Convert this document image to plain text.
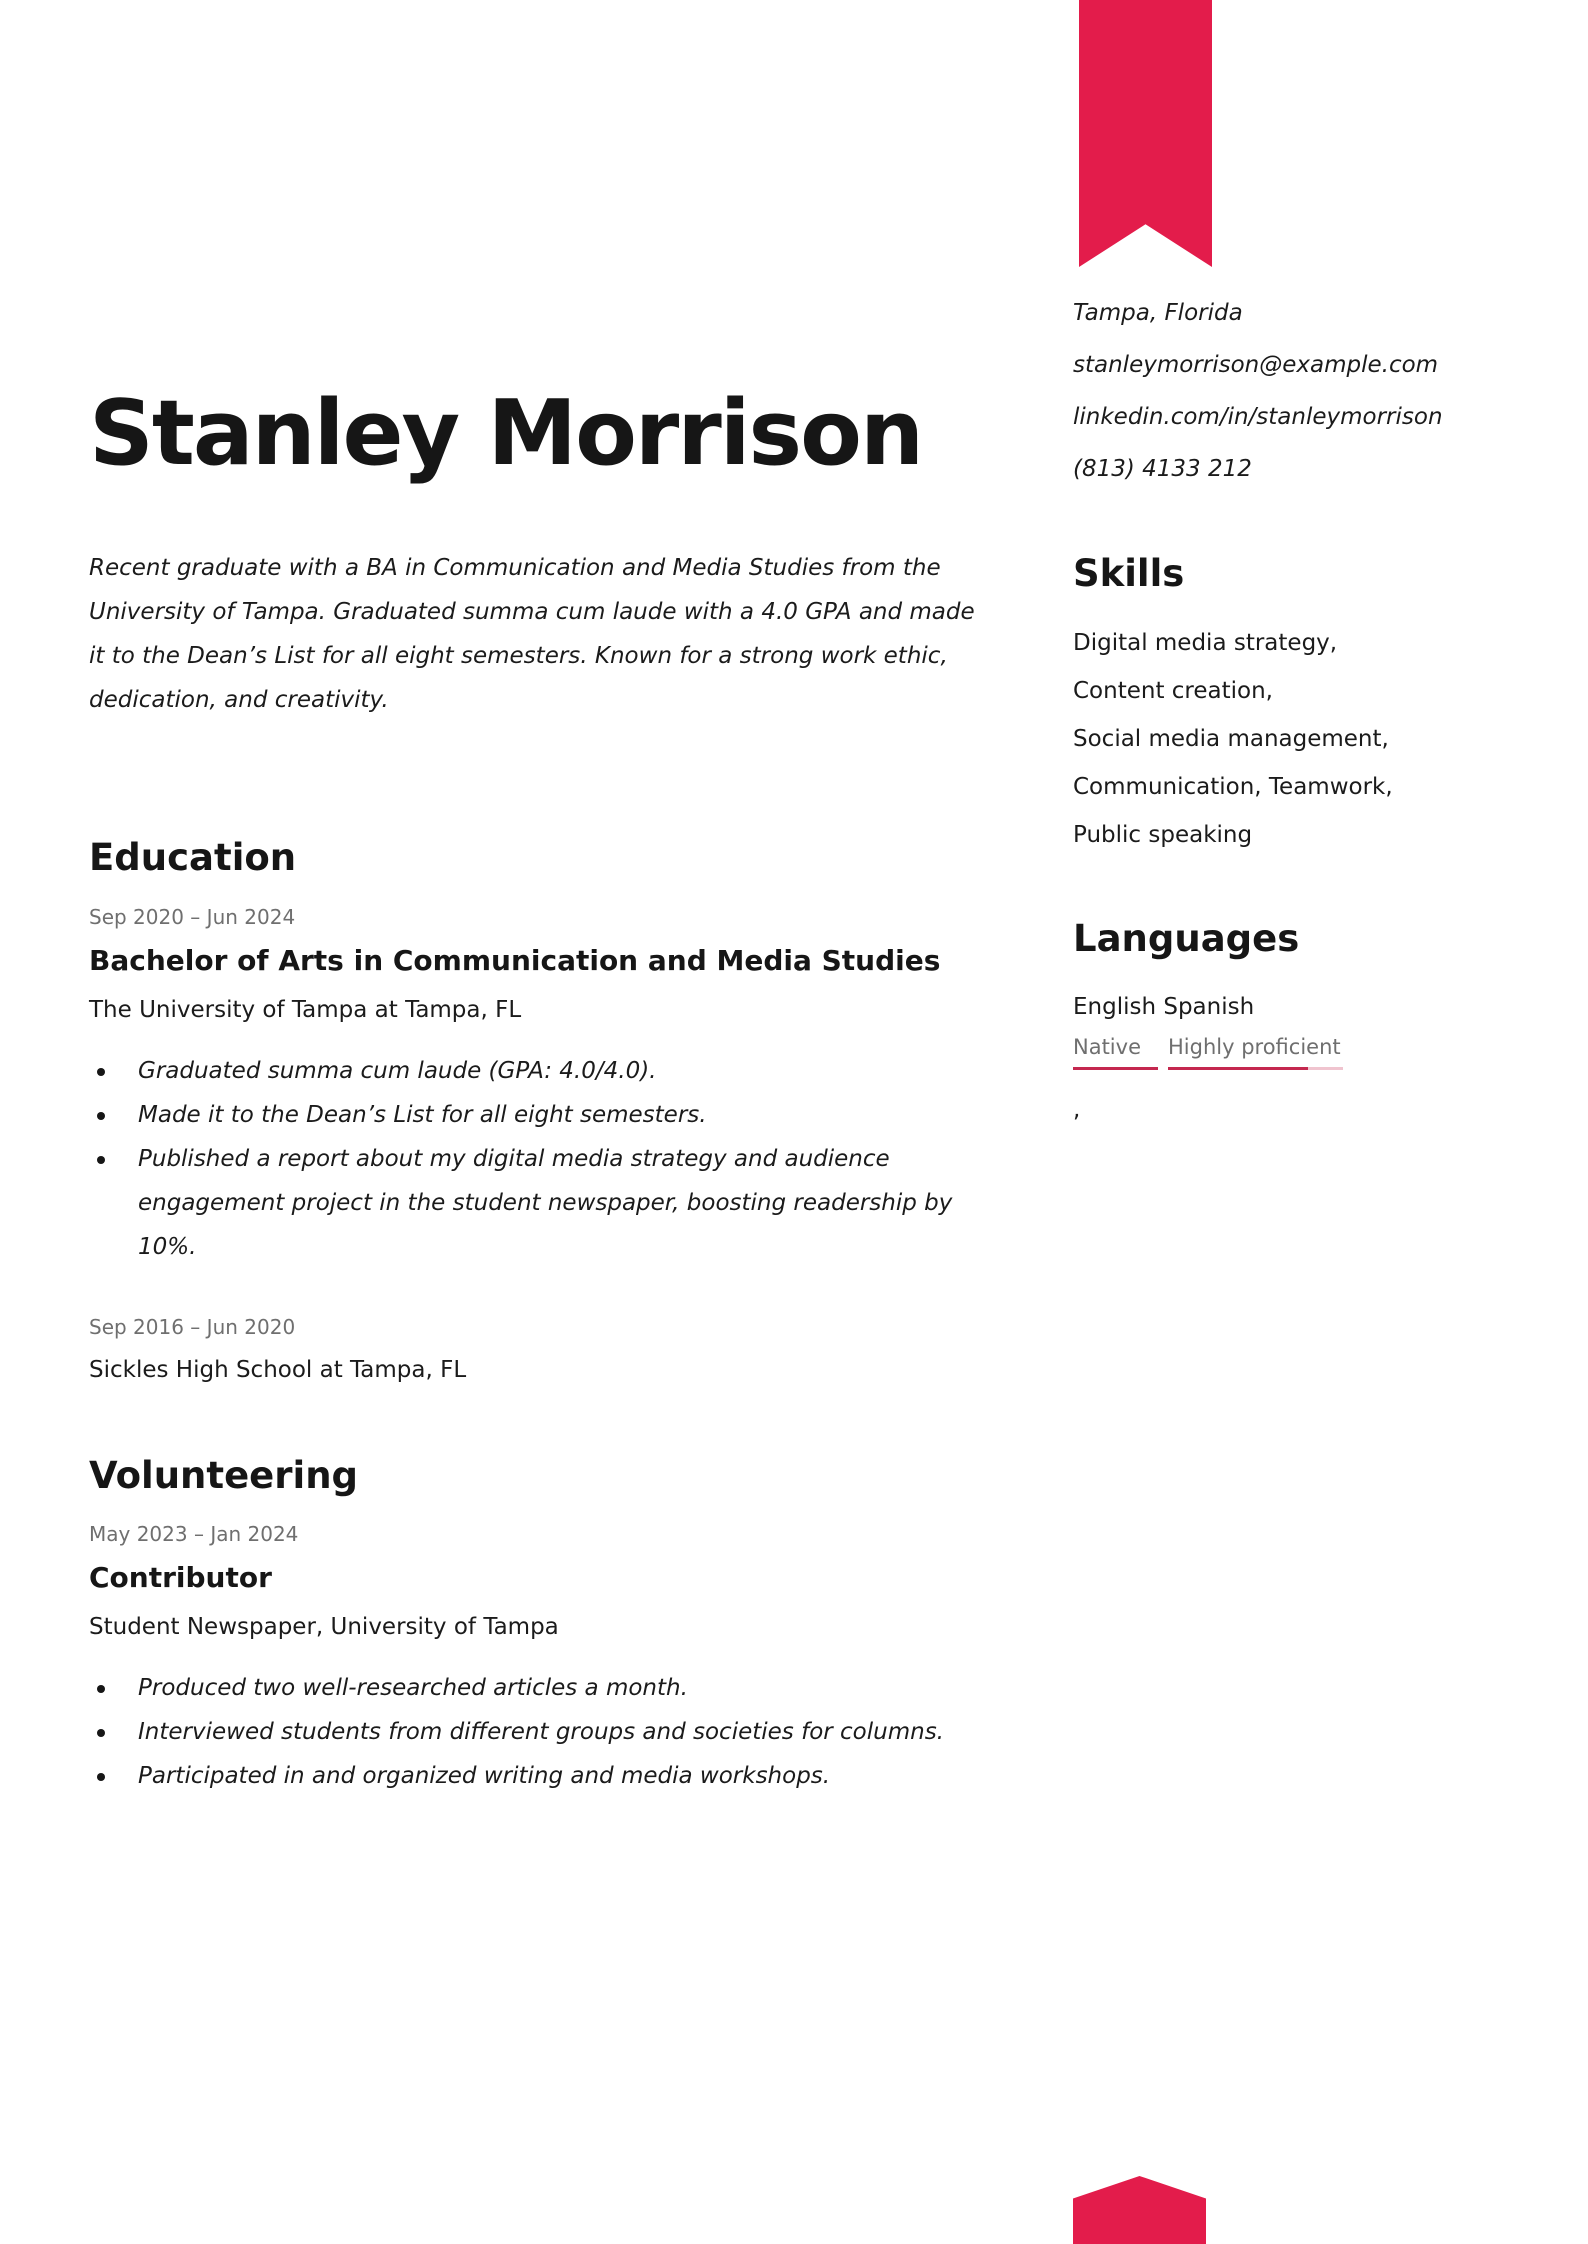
Stanley Morrison

Recent graduate with a BA in Communication and Media Studies from the University of Tampa. Graduated summa cum laude with a 4.0 GPA and made it to the Dean’s List for all eight semesters. Known for a strong work ethic, dedication, and creativity.

Education
Sep 2020 – Jun 2024
Bachelor of Arts in Communication and Media Studies
The University of Tampa at Tampa, FL
Graduated summa cum laude (GPA: 4.0/4.0).
Made it to the Dean’s List for all eight semesters.
Published a report about my digital media strategy and audience engagement project in the student newspaper, boosting readership by 10%.
Sep 2016 – Jun 2020
Sickles High School at Tampa, FL
Volunteering
May 2023 – Jan 2024
Contributor
Student Newspaper, University of Tampa
Produced two well-researched articles a month.
Interviewed students from different groups and societies for columns.
Participated in and organized writing and media workshops.
Tampa, Florida
stanleymorrison@example.com
linkedin.com/in/stanleymorrison
(813) 4133 212
Skills
Digital media strategy,
Content creation,
Social media management,
Communication, Teamwork,
Public speaking
Languages
English Spanish
Native	Highly proficient
,
